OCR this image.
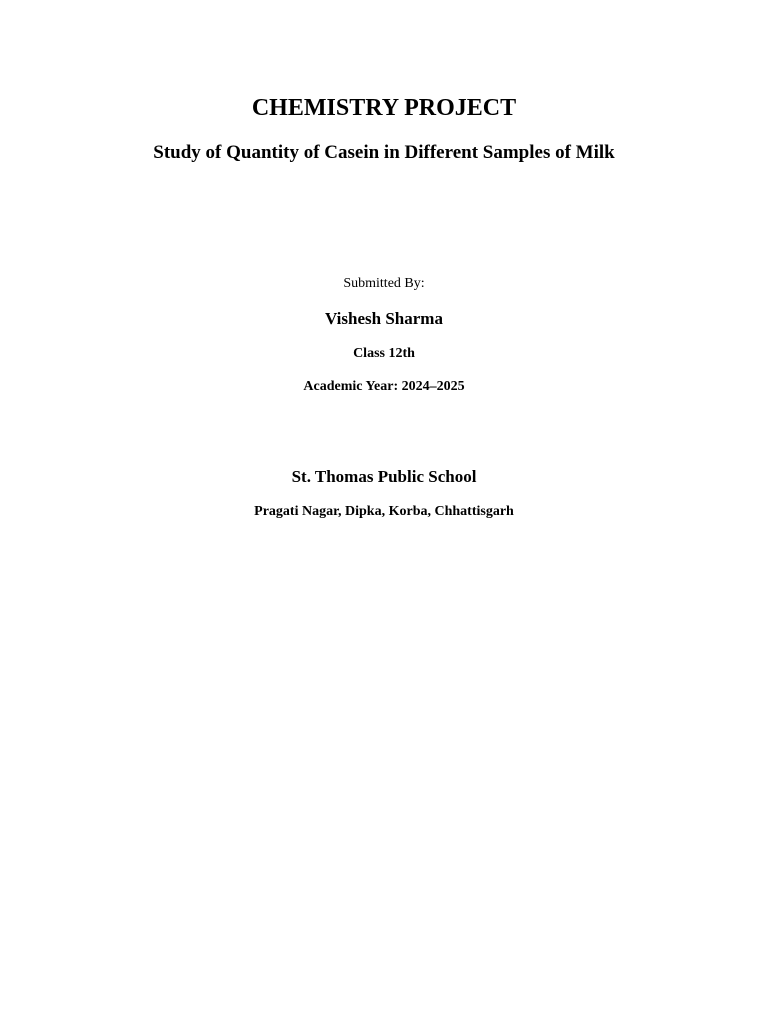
CHEMISTRY PROJECT
Study of Quantity of Casein in Different Samples of Milk
Submitted By:
Vishesh Sharma
Class 12th
Academic Year: 2024–2025
St. Thomas Public School
Pragati Nagar, Dipka, Korba, Chhattisgarh
